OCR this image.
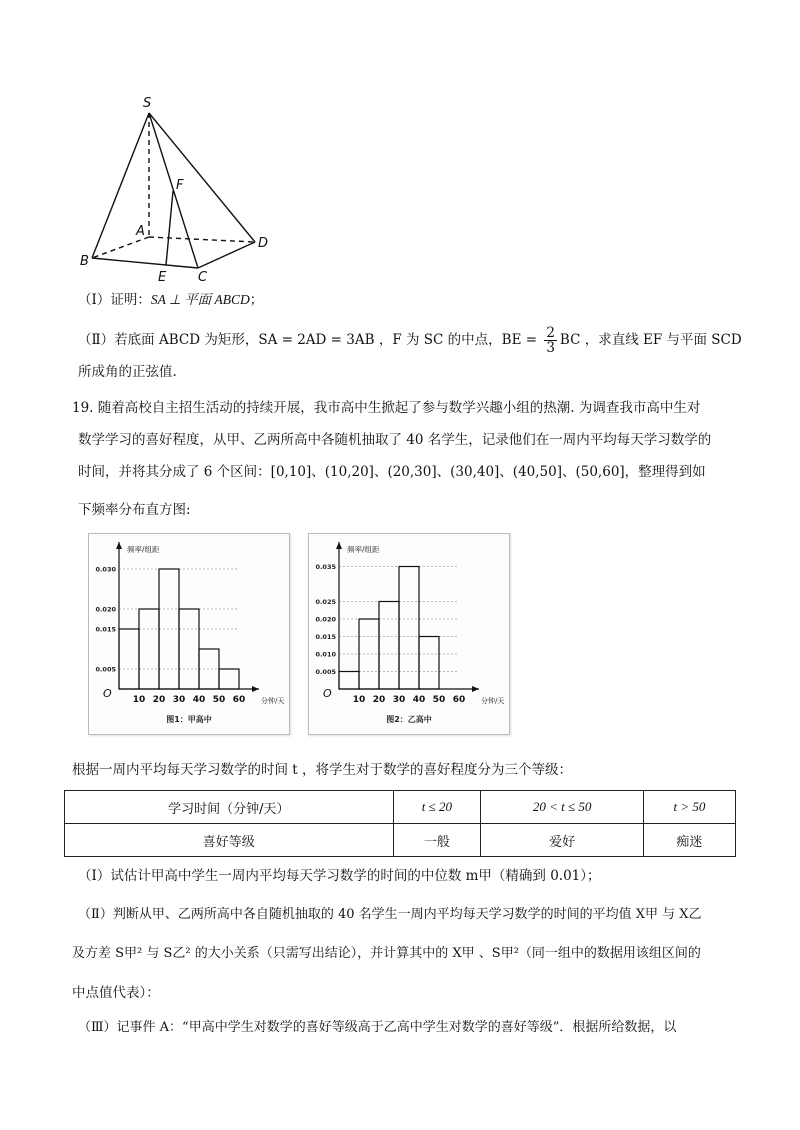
S
F
A
B
C
D
E
（Ⅰ）证明：SA ⊥ 平面 ABCD；
（Ⅱ）若底面 ABCD 为矩形，SA = 2AD = 3AB ，F 为 SC 的中点，BE = $\frac{2}{3}$ BC ，求直线 EF 与平面 SCD
所成角的正弦值.
19. 随着高校自主招生活动的持续开展，我市高中生掀起了参与数学兴趣小组的热潮. 为调查我市高中生对
数学学习的喜好程度，从甲、乙两所高中各随机抽取了 40 名学生，记录他们在一周内平均每天学习数学的
时间，并将其分成了 6 个区间：[0,10]、(10,20]、(20,30]、(30,40]、(40,50]、(50,60]，整理得到如
下频率分布直方图:
频率/组距
0.005
0.015
0.020
0.030
10 20 30 40 50 60 分钟/天
O
图1：甲高中
频率/组距
0.005
0.010
0.015
0.020
0.025
0.035
10 20 30 40 50 60 分钟/天
O
图2：乙高中
根据一周内平均每天学习数学的时间 t ，将学生对于数学的喜好程度分为三个等级：
学习时间（分钟/天）	t ≤ 20	20 < t ≤ 50	t > 50
喜好等级	一般	爱好	痴迷
（Ⅰ）试估计甲高中学生一周内平均每天学习数学的时间的中位数 m甲（精确到 0.01）；
（Ⅱ）判断从甲、乙两所高中各自随机抽取的 40 名学生一周内平均每天学习数学的时间的平均值 X甲 与 X乙
及方差 S甲² 与 S乙² 的大小关系（只需写出结论），并计算其中的 X甲 、S甲²（同一组中的数据用该组区间的
中点值代表）：
（Ⅲ）记事件 A：“甲高中学生对数学的喜好等级高于乙高中学生对数学的喜好等级”．根据所给数据，以
